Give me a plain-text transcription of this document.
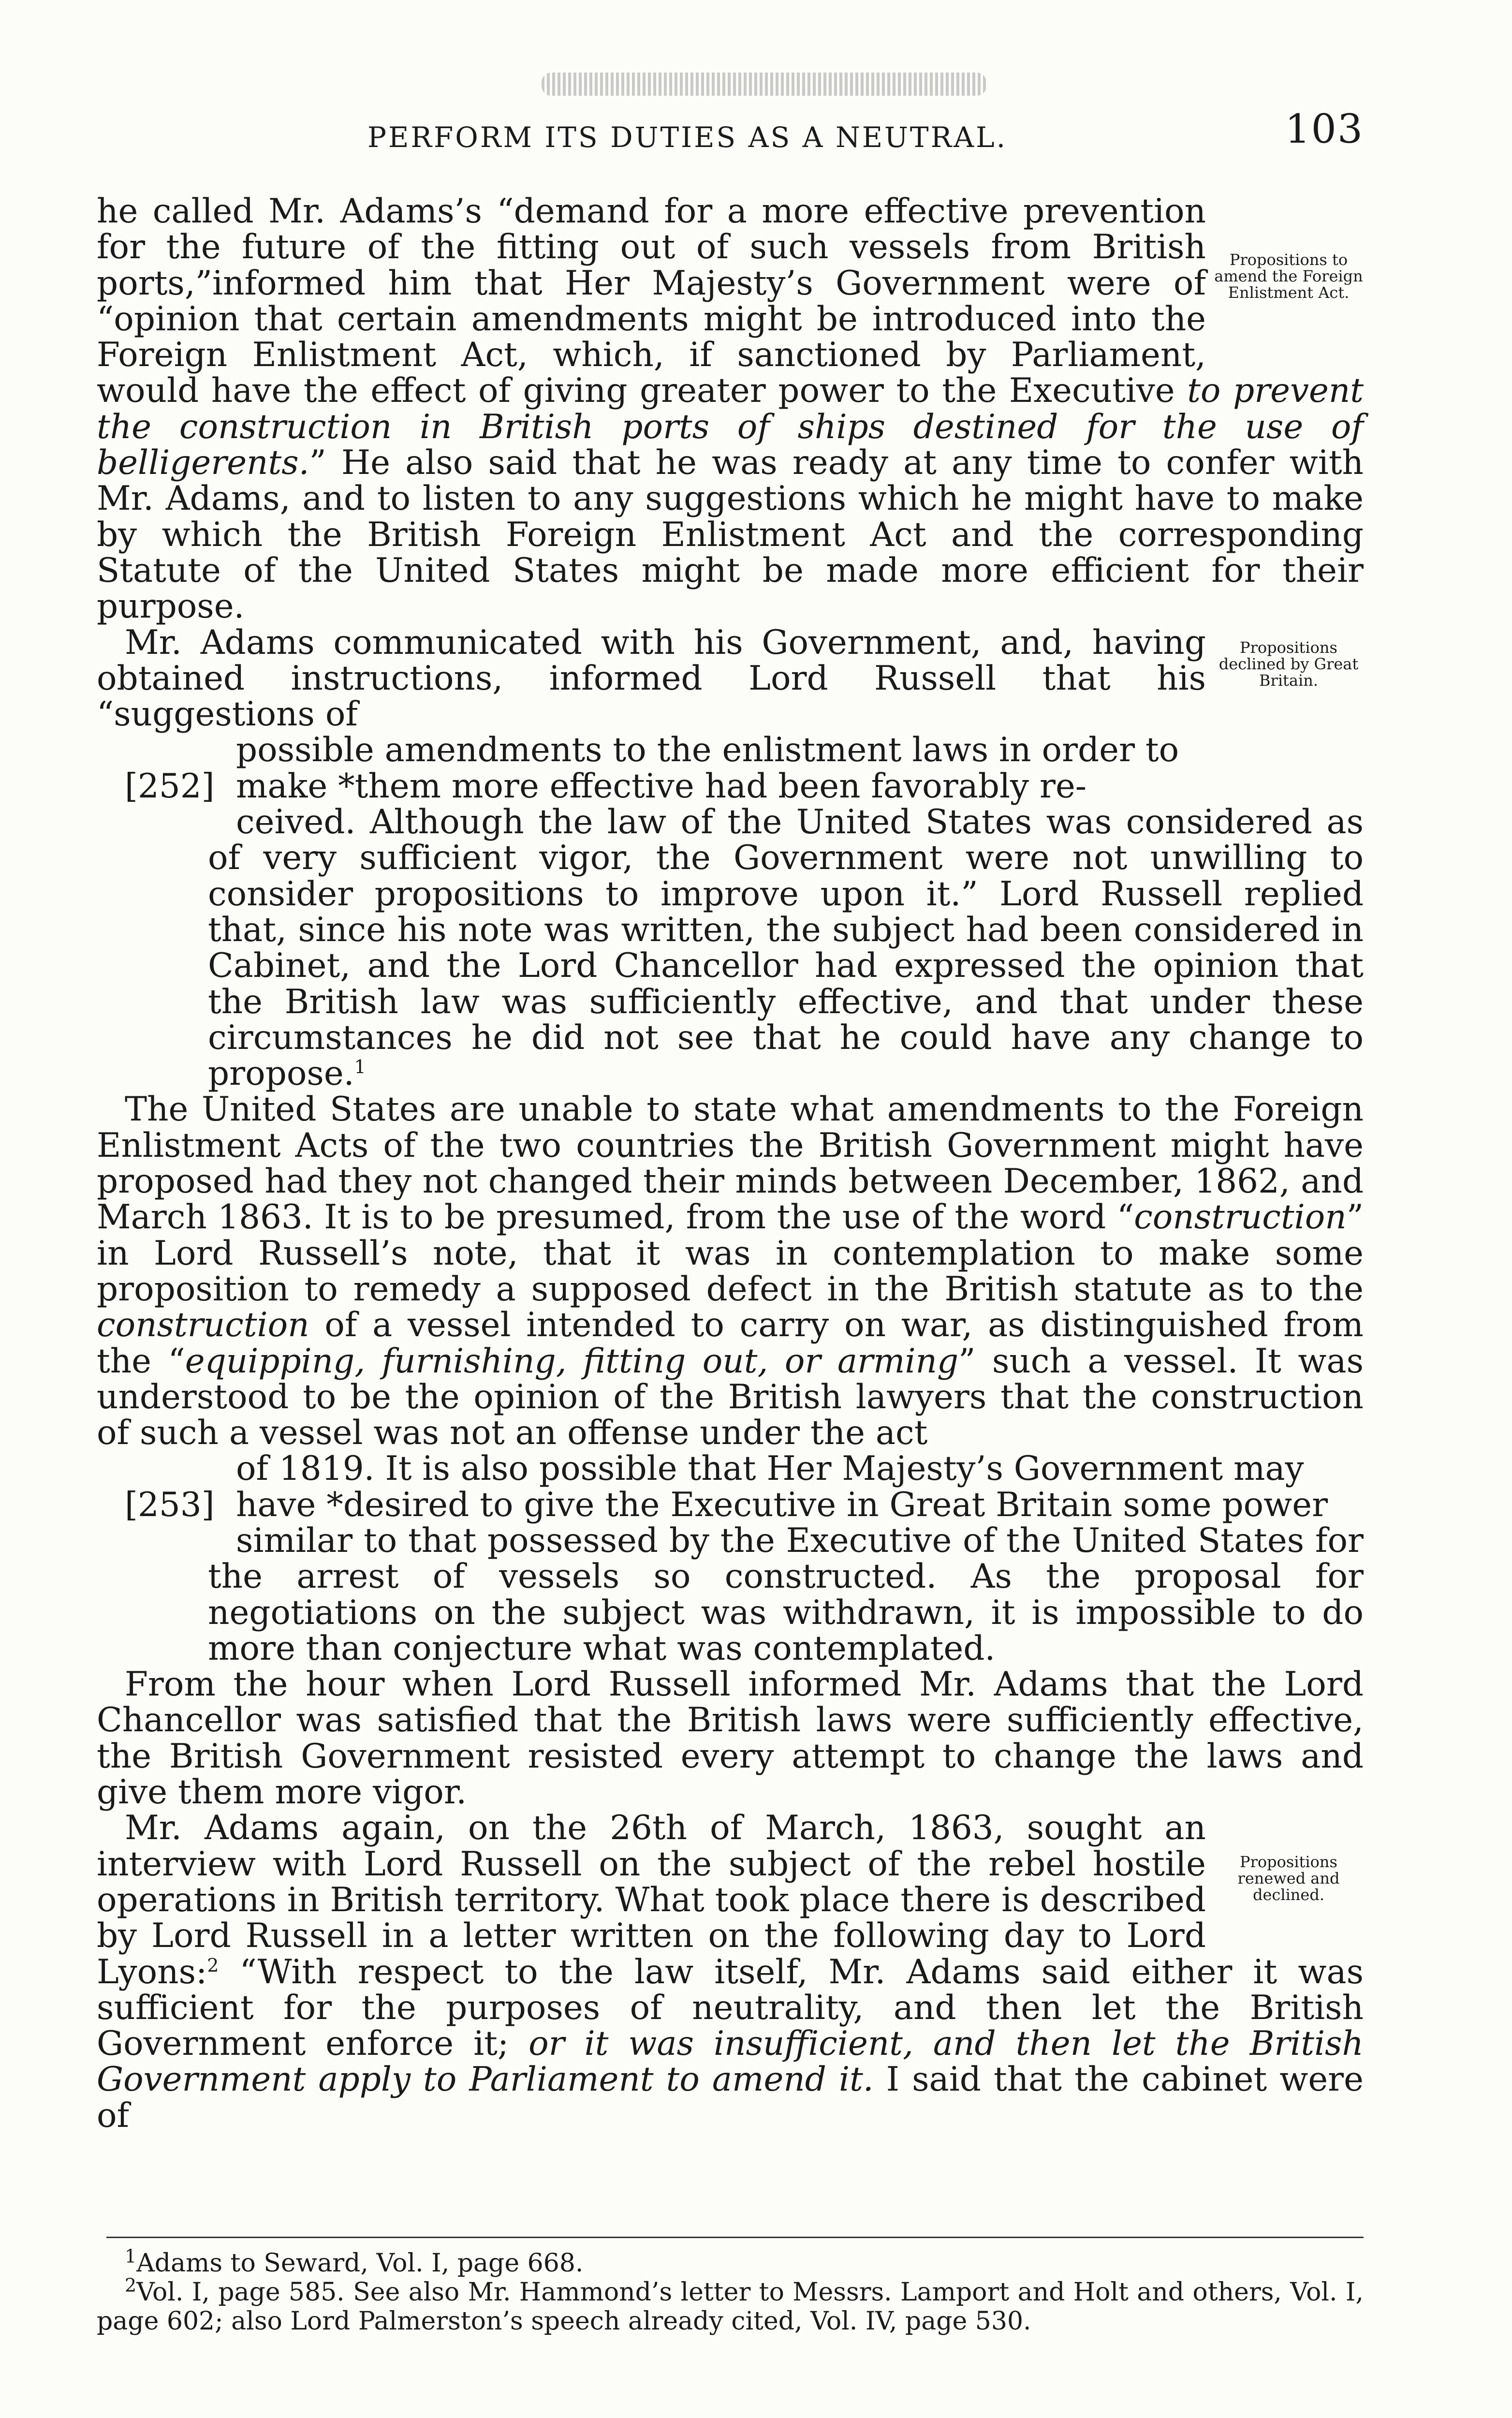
PERFORM ITS DUTIES AS A NEUTRAL.	103
Propositions to amend the Foreign Enlistment Act.

he called Mr. Adams’s “demand for a more effective prevention for the future of the fitting out of such vessels from British ports,”informed him that Her Majesty’s Government were of “opinion that certain amendments might be introduced into the Foreign Enlistment Act, which, if sanctioned by Parliament, would have the effect of giving greater power to the Executive to prevent the construction in British ports of ships destined for the use of belligerents.” He also said that he was ready at any time to confer with Mr. Adams, and to listen to any suggestions which he might have to make by which the British Foreign Enlistment Act and the corresponding Statute of the United States might be made more efficient for their purpose.

Propositions declined by Great Britain.

Mr. Adams communicated with his Government, and, having obtained instructions, informed Lord Russell that his “suggestions of
possible amendments to the enlistment laws in order to
[252] make *them more effective had been favorably re-
ceived. Although the law of the United States was considered as of very sufficient vigor, the Government were not unwilling to consider propositions to improve upon it.” Lord Russell replied that, since his note was written, the subject had been considered in Cabinet, and the Lord Chancellor had expressed the opinion that the British law was sufficiently effective, and that under these circumstances he did not see that he could have any change to propose.$^1$

The United States are unable to state what amendments to the Foreign Enlistment Acts of the two countries the British Government might have proposed had they not changed their minds between December, 1862, and March 1863. It is to be presumed, from the use of the word “construction” in Lord Russell’s note, that it was in contemplation to make some proposition to remedy a supposed defect in the British statute as to the construction of a vessel intended to carry on war, as distinguished from the “equipping, furnishing, fitting out, or arming” such a vessel. It was understood to be the opinion of the British lawyers that the construction of such a vessel was not an offense under the act
of 1819. It is also possible that Her Majesty’s Government may
[253] have *desired to give the Executive in Great Britain some power
similar to that possessed by the Executive of the United States for the arrest of vessels so constructed. As the proposal for negotiations on the subject was withdrawn, it is impossible to do more than conjecture what was contemplated.

From the hour when Lord Russell informed Mr. Adams that the Lord Chancellor was satisfied that the British laws were sufficiently effective, the British Government resisted every attempt to change the laws and give them more vigor.

Propositions renewed and declined.

Mr. Adams again, on the 26th of March, 1863, sought an interview with Lord Russell on the subject of the rebel hostile operations in British territory. What took place there is described by Lord Russell in a letter written on the following day to Lord Lyons:$^2$ “With respect to the law itself, Mr. Adams said either it was sufficient for the purposes of neutrality, and then let the British Government enforce it; or it was insufficient, and then let the British Government apply to Parliament to amend it. I said that the cabinet were of

$^1$Adams to Seward, Vol. I, page 668.

$^2$Vol. I, page 585. See also Mr. Hammond’s letter to Messrs. Lamport and Holt and others, Vol. I, page 602; also Lord Palmerston’s speech already cited, Vol. IV, page 530.
